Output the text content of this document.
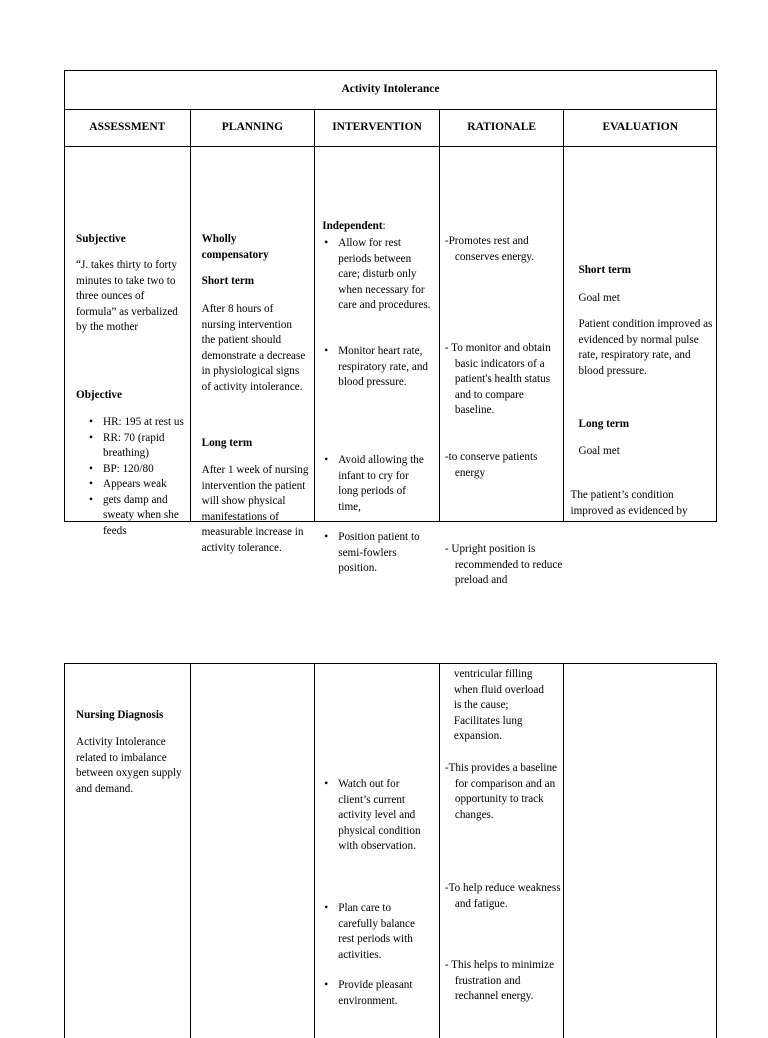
Activity Intolerance
ASSESSMENT	PLANNING	INTERVENTION	RATIONALE	EVALUATION
Subjective
“J. takes thirty to forty minutes to take two to three ounces of formula” as verbalized by the mother
Objective
• HR: 195 at rest us
• RR: 70 (rapid breathing)
• BP: 120/80
• Appears weak
• gets damp and sweaty when she feeds
Wholly compensatory
Short term
After 8 hours of nursing intervention the patient should demonstrate a decrease in physiological signs of activity intolerance.
Long term
After 1 week of nursing intervention the patient will show physical manifestations of measurable increase in activity tolerance.
Independent:
• Allow for rest periods between care; disturb only when necessary for care and procedures.
• Monitor heart rate, respiratory rate, and blood pressure.
• Avoid allowing the infant to cry for long periods of time,
• Position patient to semi-fowlers position.
-Promotes rest and conserves energy.
- To monitor and obtain basic indicators of a patient's health status and to compare baseline.
-to conserve patients energy
- Upright position is recommended to reduce preload and
Short term
Goal met
Patient condition improved as evidenced by normal pulse rate, respiratory rate, and blood pressure.
Long term
Goal met
The patient’s condition improved as evidenced by
Nursing Diagnosis
Activity Intolerance related to imbalance between oxygen supply and demand.
•	Watch out for client’s current activity level and physical condition with observation.
• Plan care to carefully balance rest periods with activities.
• Provide pleasant environment.
ventricular filling when fluid overload is the cause; Facilitates lung expansion.
-This provides a baseline for comparison and an opportunity to track changes.
-To help reduce weakness and fatigue.
- This helps to minimize frustration and rechannel energy.
